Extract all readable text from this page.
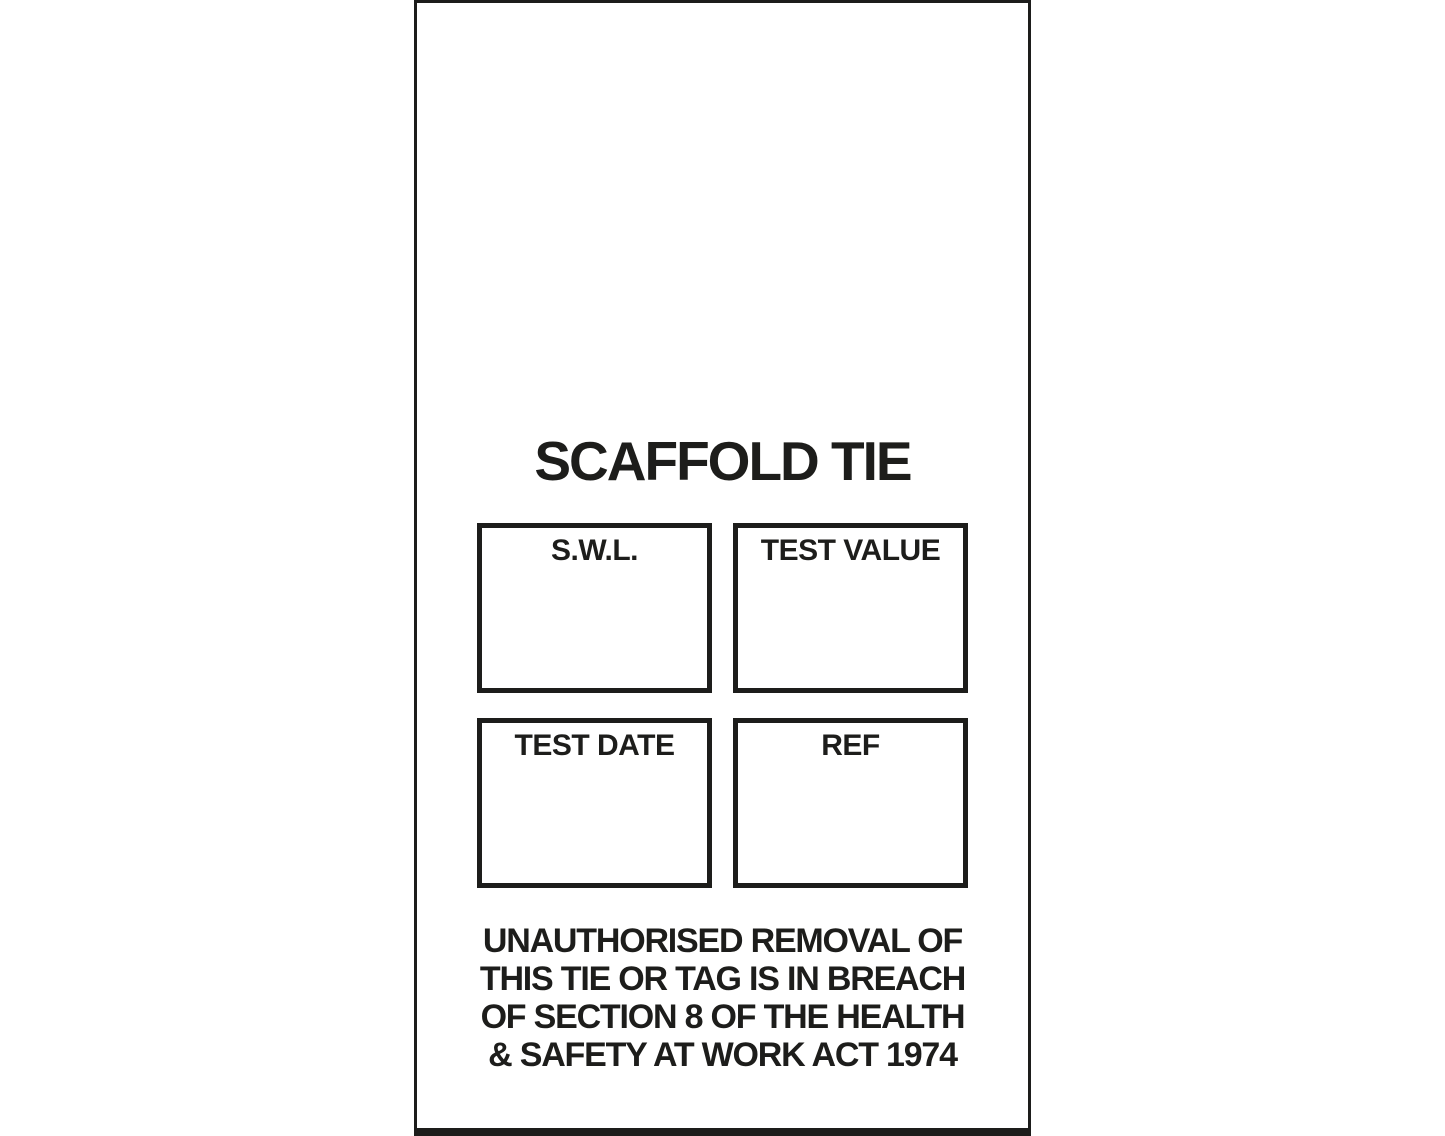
SCAFFOLD TIE
S.W.L.	TEST VALUE
TEST DATE	REF
UNAUTHORISED REMOVAL OF
THIS TIE OR TAG IS IN BREACH
OF SECTION 8 OF THE HEALTH
& SAFETY AT WORK ACT 1974
